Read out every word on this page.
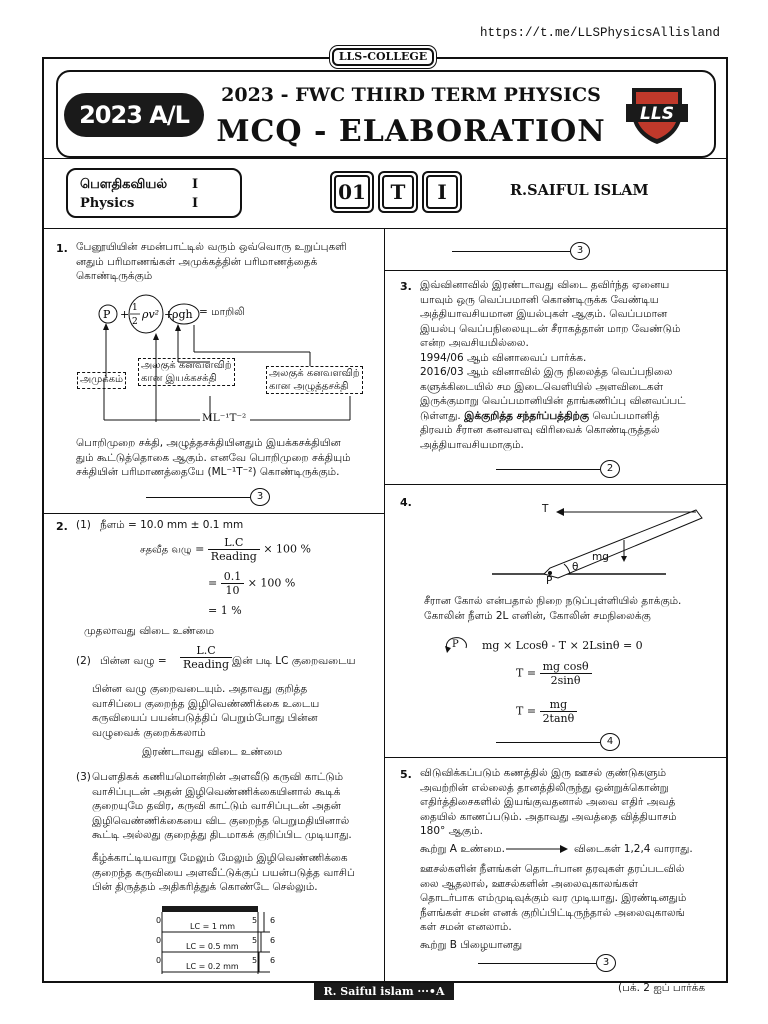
https://t.me/LLSPhysicsAllisland
LLS-COLLEGE
2023 A/L
2023 - FWC THIRD TERM PHYSICS
MCQ - ELABORATION LLS
பௌதிகவியல் I
Physics	I	01	T	I	R.SAIFUL ISLAM
1. பேனூயியின் சமன்பாட்டில் வரும் ஒவ்வொரு உறுப்புகளி
னதும் பரிமாணங்கள் அமுக்கத்தின் பரிமாணத்தைக்
கொண்டிருக்கும்
P + 1
2
ρv² +
ρgh = மாறிலி
அமுக்கம்
அலகுக் கனவளவிற்
கான இயக்கசக்தி	அலகுக் கனவளவிற்
கான அழுத்தசக்தி
ML⁻¹T⁻²
பொறிமுறை சக்தி, அழுத்தசக்தியினதும் இயக்கசக்தியின
தும் கூட்டுத்தொகை ஆகும். எனவே பொறிமுறை சக்தியும்
சக்தியின் பரிமாணத்தையே (ML⁻¹T⁻²) கொண்டிருக்கும்.
3
2. (1) நீளம் = 10.0 mm ± 0.1 mm
சதவீத வழு = $\frac{L.C}{\text{Reading}} \times 100$ %
= $\frac{0.1}{10} \times 100$ %
= 1 %
முதலாவது விடை உண்மை
(2) பின்ன வழு = $\frac{L.C}{\text{Reading}}$ இன் படி LC குறைவடைய
பின்ன வழு குறைவடையும். அதாவது குறித்த
வாசிப்பை குறைந்த இழிவெண்ணிக்கை உடைய
கருவியைப் பயன்படுத்திப் பெறும்போது பின்ன
வழுவைக் குறைக்கலாம்
இரண்டாவது விடை உண்மை
(3) பௌதிகக் கணியமொன்றின் அளவீடு கருவி காட்டும்
வாசிப்புடன் அதன் இழிவெண்ணிக்கையினால் கூடிக்
குறையுமே தவிர, கருவி காட்டும் வாசிப்புடன் அதன்
இழிவெண்ணிக்கையை விட குறைந்த பெறுமதியினால்
கூட்டி அல்லது குறைத்து திடமாகக் குறிப்பிட முடியாது.
கீழ்க்காட்டியவாறு மேலும் மேலும் இழிவெண்ணிக்கை
குறைந்த கருவியை அளவீட்டுக்குப் பயன்படுத்த வாசிப்
பின் திருத்தம் அதிகரித்துக் கொண்டே செல்லும்.
0
0
0
5
5
5
6
6
6
LC = 1 mm
LC = 0.5 mm
LC = 0.2 mm
3
3. இவ்வினாவில் இரண்டாவது விடை தவிர்ந்த ஏனைய
யாவும் ஒரு வெப்பமானி கொண்டிருக்க வேண்டிய
அத்தியாவசியமான இயல்புகள் ஆகும். வெப்பமான
இயல்பு வெப்பநிலையுடன் சீராகத்தான் மாற வேண்டும்
என்ற அவசியமில்லை.
1994/06 ஆம் வினாவைப் பார்க்க.
2016/03 ஆம் வினாவில் இரு நிலைத்த வெப்பநிலை
களுக்கிடையில் சம இடைவெளியில் அளவிடைகள்
இருக்குமாறு வெப்பமானியின் தாங்கணிப்பு வினவப்பட்
டுள்ளது. இக்குறித்த சந்தர்ப்பத்திற்கு வெப்பமானித்
திரவம் சீரான கனவளவு விரிவைக் கொண்டிருத்தல்
அத்தியாவசியமாகும்.
2
4.	T
mg
θ
P
சீரான கோல் என்பதால் நிறை நடுப்புள்ளியில் தாக்கும்.
கோலின் நீளம் 2L எனின், கோலின் சமநிலைக்கு
P mg × Lcosθ - T × 2Lsinθ = 0
$T = \frac{\text{mg cosθ}}{2\sin\theta}$
$T = \frac{mg}{2\tan\theta}$
4
5. விடுவிக்கப்படும் கணத்தில் இரு ஊசல் குண்டுகளும்
அவற்றின் எல்லைத் தானத்திலிருந்து ஒன்றுக்கொன்று
எதிர்த்திசைகளில் இயங்குவதனால் அவை எதிர் அவத்
தையில் காணப்படும். அதாவது அவத்தை வித்தியாசம்
180° ஆகும்.
கூற்று A உண்மை.	விடைகள் 1,2,4 வாராது.
ஊசல்களின் நீளங்கள் தொடர்பான தரவுகள் தரப்படவில்
லை ஆதலால், ஊசல்களின் அலைவுகாலங்கள்
தொடர்பாக எம்முடிவுக்கும் வர முடியாது. இரண்டினதும்
நீளங்கள் சமன் எனக் குறிப்பிட்டிருந்தால் அலைவுகாலங்
கள் சமன் எனலாம்.
கூற்று B பிழையானது
3
R. Saiful islam ···•A	(பக். 2 ஐப் பார்க்க
